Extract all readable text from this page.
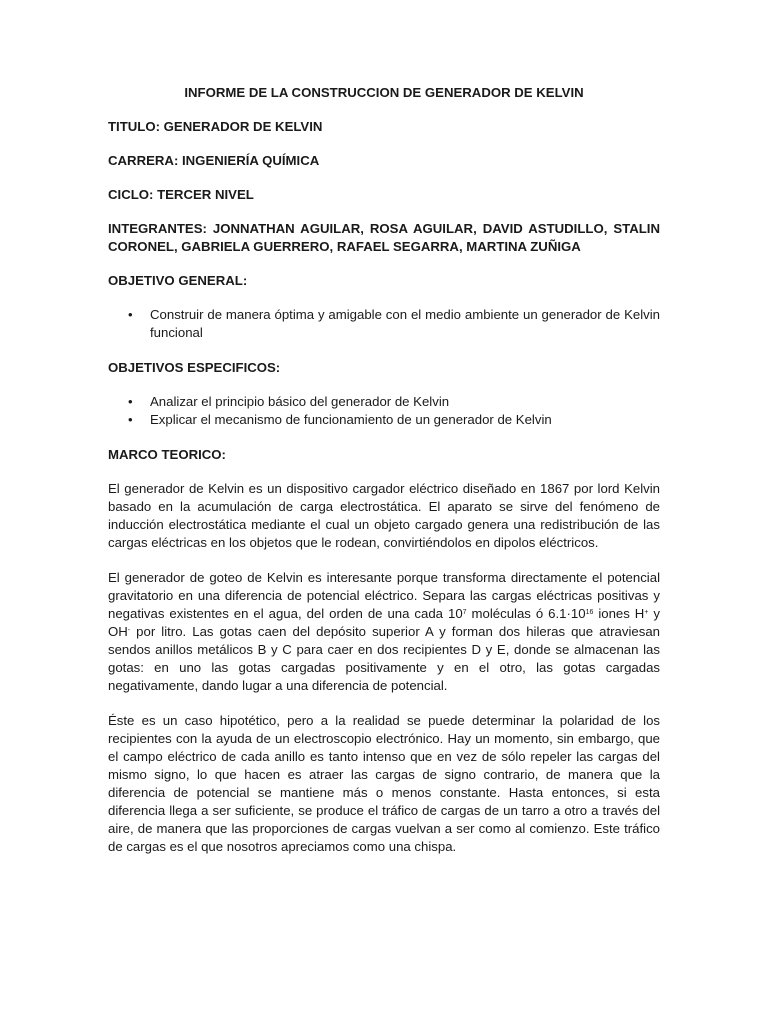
INFORME DE LA CONSTRUCCION DE GENERADOR DE KELVIN
TITULO: GENERADOR DE KELVIN
CARRERA: INGENIERÍA QUÍMICA
CICLO: TERCER NIVEL
INTEGRANTES: JONNATHAN AGUILAR, ROSA AGUILAR, DAVID ASTUDILLO, STALIN CORONEL, GABRIELA GUERRERO, RAFAEL SEGARRA, MARTINA ZUÑIGA
OBJETIVO GENERAL:
• Construir de manera óptima y amigable con el medio ambiente un generador de Kelvin funcional
OBJETIVOS ESPECIFICOS:
• Analizar el principio básico del generador de Kelvin
• Explicar el mecanismo de funcionamiento de un generador de Kelvin
MARCO TEORICO:

El generador de Kelvin es un dispositivo cargador eléctrico diseñado en 1867 por lord Kelvin basado en la acumulación de carga electrostática. El aparato se sirve del fenómeno de inducción electrostática mediante el cual un objeto cargado genera una redistribución de las cargas eléctricas en los objetos que le rodean, convirtiéndolos en dipolos eléctricos.

El generador de goteo de Kelvin es interesante porque transforma directamente el potencial gravitatorio en una diferencia de potencial eléctrico. Separa las cargas eléctricas positivas y negativas existentes en el agua, del orden de una cada $10^7$ moléculas ó $6.1\cdot 10^{16}$ iones H+ y OH- por litro. Las gotas caen del depósito superior A y forman dos hileras que atraviesan sendos anillos metálicos B y C para caer en dos recipientes D y E, donde se almacenan las gotas: en uno las gotas cargadas positivamente y en el otro, las gotas cargadas negativamente, dando lugar a una diferencia de potencial.

Éste es un caso hipotético, pero a la realidad se puede determinar la polaridad de los recipientes con la ayuda de un electroscopio electrónico. Hay un momento, sin embargo, que el campo eléctrico de cada anillo es tanto intenso que en vez de sólo repeler las cargas del mismo signo, lo que hacen es atraer las cargas de signo contrario, de manera que la diferencia de potencial se mantiene más o menos constante. Hasta entonces, si esta diferencia llega a ser suficiente, se produce el tráfico de cargas de un tarro a otro a través del aire, de manera que las proporciones de cargas vuelvan a ser como al comienzo. Este tráfico de cargas es el que nosotros apreciamos como una chispa.
